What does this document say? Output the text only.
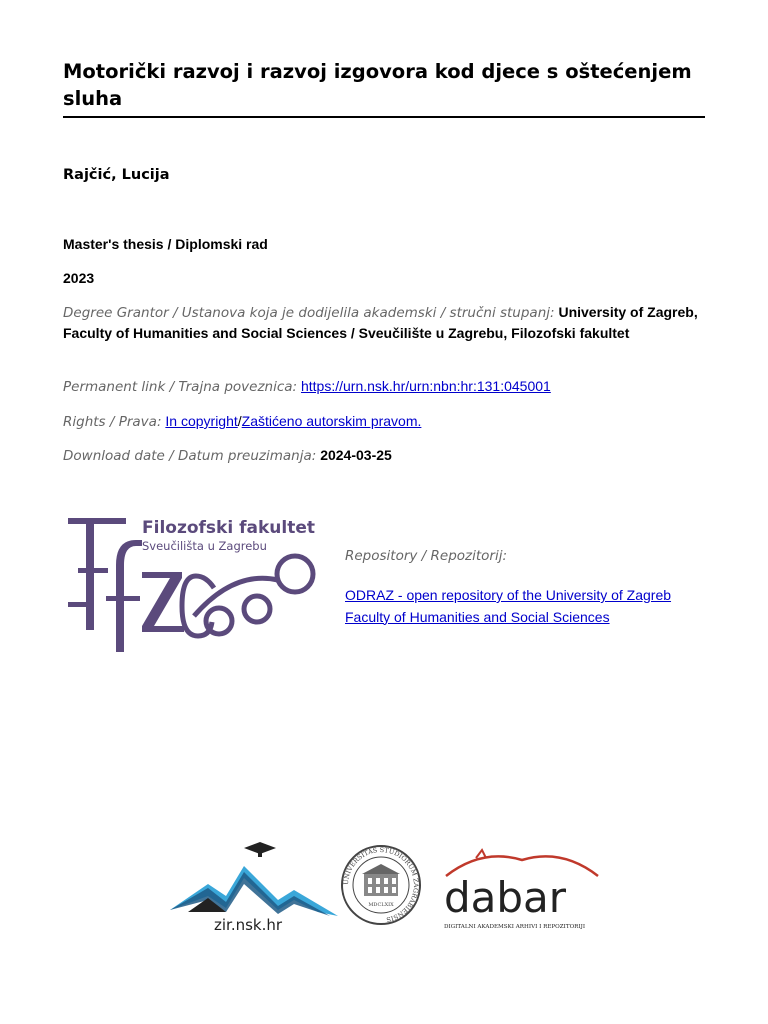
Motorički razvoj i razvoj izgovora kod djece s oštećenjem sluha
Rajčić, Lucija
Master's thesis / Diplomski rad
2023
Degree Grantor / Ustanova koja je dodijelila akademski / stručni stupanj: University of Zagreb, Faculty of Humanities and Social Sciences / Sveučilište u Zagrebu, Filozofski fakultet
Permanent link / Trajna poveznica: https://urn.nsk.hr/urn:nbn:hr:131:045001
Rights / Prava: In copyright/Zaštićeno autorskim pravom.
Download date / Datum preuzimanja: 2024-03-25
Filozofski fakultet
Sveučilišta u Zagrebu
Repository / Repozitorij:
ODRAZ - open repository of the University of Zagreb Faculty of Humanities and Social Sciences
zir.nsk.hr
UNIVERSITAS STUDIORUM ZAGRABIENSIS
MDCLXIX dabar
DIGITALNI AKADEMSKI ARHIVI I REPOZITORIJI
